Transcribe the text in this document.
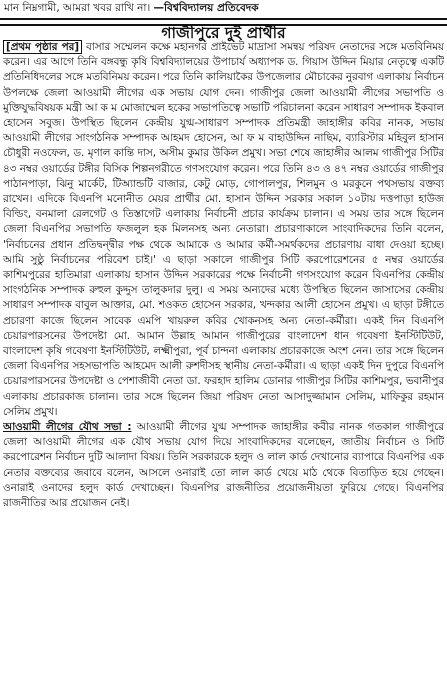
মান নিম্নগামী, আমরা খবর রাখি না। —বিশ্ববিদ্যালয় প্রতিবেদক
গাজীপুরে দুই প্রার্থীর

[প্রথম পৃষ্ঠার পর] বাসার সম্মেলন কক্ষে মহানগর প্রাইভেট মাদ্রাসা সমন্বয় পরিষদ নেতাদের সঙ্গে মতবিনিময় করেন। এর আগে তিনি বঙ্গবন্ধু কৃষি বিশ্ববিদ্যালয়ের উপাচার্য অধ্যাপক ড. গিয়াস উদ্দিন মিয়ার নেতৃত্বে একটি প্রতিনিধিদলের সঙ্গে মতবিনিময় করেন। পরে তিনি কালিয়াকৈর উপজেলার মৌচাকের নুরবাগ এলাকায় নির্বাচন উপলক্ষে জেলা আওয়ামী লীগের এক সভায় যোগ দেন। গাজীপুর জেলা আওয়ামী লীগের সভাপতি ও মুক্তিযুদ্ধবিষয়ক মন্ত্রী আ ক ম মোজাম্মেল হকের সভাপতিত্বে সভাটি পরিচালনা করেন সাধারণ সম্পাদক ইকবাল হোসেন সবুজ। উপস্থিত ছিলেন কেন্দ্রীয় যুগ্ম-সাধারণ সম্পাদক প্রতিমন্ত্রী জাহাঙ্গীর কবির নানক, সভায় আওয়ামী লীগের সাংগঠনিক সম্পাদক আহমদ হোসেন, আ ফ ম বাহাউদ্দিন নাছিম, ব্যারিস্টার মহিবুল হাসান চৌধুরী নওফেল, ড. মৃণাল কান্তি দাস, অসীম কুমার উকিল প্রমুখ। সভা শেষে জাহাঙ্গীর আলম গাজীপুর সিটির ৪৩ নম্বর ওয়ার্ডের টঙ্গীর বিসিক শিল্পনগরীতে গণসংযোগ করেন। পরে তিনি ৪৩ ও ৪৭ নম্বর ওয়ার্ডের গাজীপুর পাঠানপাড়া, ঝিনু মার্কেট, টিঅ্যান্ডটি বাজার, কেটু মোড়, গোপালপুর, শিলমুন ও মরকুনে পথসভায় বক্তব্য রাখেন। এদিকে বিএনপি মনোনীত মেয়র প্রার্থীর মো. হাসান উদ্দিন সরকার সকাল ১০টায় দত্তপাড়া হাউজ বিল্ডিং, বনমালা রেলগেট ও তিস্তাগেট এলাকায় নির্বাচনী প্রচার কার্যক্রম চালান। এ সময় তার সঙ্গে ছিলেন জেলা বিএনপির সভাপতি ফজলুল হক মিলনসহ অন্য নেতারা। প্রচারণাকালে সাংবাদিকদের তিনি বলেন, 'নির্বাচনের প্রধান প্রতিদ্বন্দ্বীর পক্ষ থেকে আমাকে ও আমার কর্মী-সমর্থকদের প্রচারণায় বাধা দেওয়া হচ্ছে। আমি সুষ্ঠু নির্বাচনের পরিবেশ চাই।' এ ছাড়া সকালে গাজীপুর সিটি করপোরেশনের ৫ নম্বর ওয়ার্ডের কাশিমপুরের হাতিমারা এলাকায় হাসান উদ্দিন সরকারের পক্ষে নির্বাচনী গণসংযোগ করেন বিএনপির কেন্দ্রীয় সাংগঠনিক সম্পাদক রুহুল কুদ্দুস তালুকদার দুলু। এ সময় অন্যদের মধ্যে উপস্থিত ছিলেন জাসাসের কেন্দ্রীয় সাধারণ সম্পাদক বাবুল আক্তার, মো. শওকত হোসেন সরকার, খন্দকার আলী হোসেন প্রমুখ। এ ছাড়া টঙ্গীতে প্রচারণা কাজে ছিলেন সাবেক এমপি খায়রুল কবির খোকনসহ অন্য নেতা-কর্মীরা। একই দিন বিএনপি চেয়ারপারসনের উপদেষ্টা মো. আমান উল্লাহ আমান গাজীপুরের বাংলাদেশ ধান গবেষণা ইনস্টিটিউট, বাংলাদেশ কৃষি গবেষণা ইনস্টিটিউট, লক্ষ্মীপুরা, পূর্ব চান্দনা এলাকায় প্রচারকাজে অংশ নেন। তার সঙ্গে ছিলেন জেলা বিএনপির সহসভাপতি আহমেদ আলী রুশদীসহ স্থানীয় নেতা-কর্মীরা। এ ছাড়া একই দিন দুপুরে বিএনপি চেয়ারপারসনের উপদেষ্টা ও পেশাজীবী নেতা ডা. ফরহাদ হালিম ডোনার গাজীপুর সিটির কাশিমপুর, ভবানীপুর এলাকায় প্রচারকাজ চালান। তার সঙ্গে ছিলেন জিয়া পরিষদ নেতা আসাদুজ্জামান সেলিম, মাফিকুর রহমান সেলিম প্রমুখ।

আওয়ামী লীগের যৌথ সভা : আওয়ামী লীগের যুগ্ম সম্পাদক জাহাঙ্গীর কবীর নানক গতকাল গাজীপুরে জেলা আওয়ামী লীগের এক যৌথ সভায় যোগ দিয়ে সাংবাদিকদের বলেছেন, জাতীয় নির্বাচন ও সিটি করপোরেশন নির্বাচন দুটি আলাদা বিষয়। তিনি সরকারকে হলুদ ও লাল কার্ড দেখানোর ব্যাপারে বিএনপির এক নেতার বক্তব্যের জবাবে বলেন, আসলে ওনারাই তো লাল কার্ড খেয়ে মাঠ থেকে বিতাড়িত হয়ে গেছেন। ওনারাই ওনাদের হলুদ কার্ড দেখাচ্ছেন। বিএনপির রাজনীতির প্রয়োজনীয়তা ফুরিয়ে গেছে। বিএনপির রাজনীতির আর প্রয়োজন নেই।
